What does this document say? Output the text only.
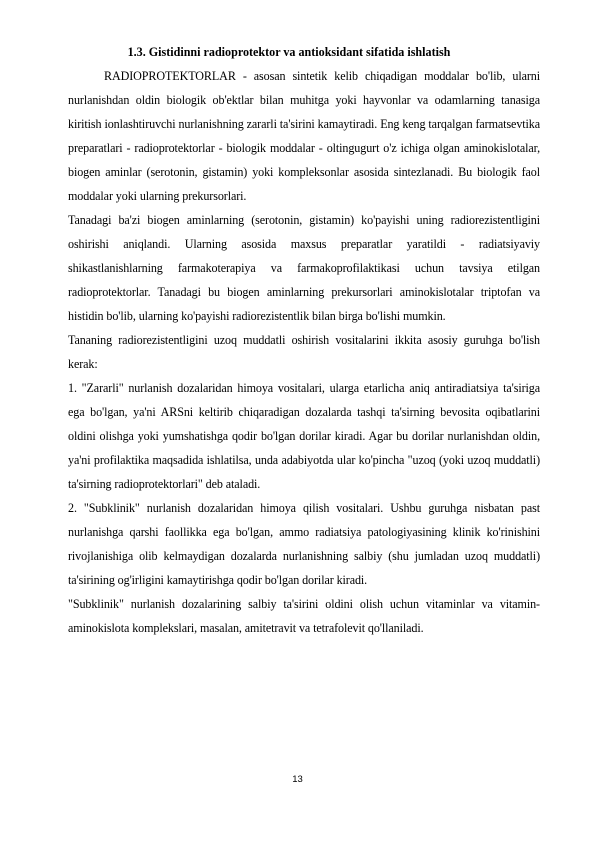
1.3. Gistidinni radioprotektor va antioksidant sifatida ishlatish

RADIOPROTEKTORLAR - asosan sintetik kelib chiqadigan moddalar bo'lib, ularni nurlanishdan oldin biologik ob'ektlar bilan muhitga yoki hayvonlar va odamlarning tanasiga kiritish ionlashtiruvchi nurlanishning zararli ta'sirini kamaytiradi. Eng keng tarqalgan farmatsevtika preparatlari - radioprotektorlar - biologik moddalar - oltingugurt o'z ichiga olgan aminokislotalar, biogen aminlar (serotonin, gistamin) yoki kompleksonlar asosida sintezlanadi. Bu biologik faol moddalar yoki ularning prekursorlari.

Tanadagi ba'zi biogen aminlarning (serotonin, gistamin) ko'payishi uning radiorezistentligini oshirishi aniqlandi. Ularning asosida maxsus preparatlar yaratildi - radiatsiyaviy shikastlanishlarning farmakoterapiya va farmakoprofilaktikasi uchun tavsiya etilgan radioprotektorlar. Tanadagi bu biogen aminlarning prekursorlari aminokislotalar triptofan va histidin bo'lib, ularning ko'payishi radiorezistentlik bilan birga bo'lishi mumkin.

Tananing radiorezistentligini uzoq muddatli oshirish vositalarini ikkita asosiy guruhga bo'lish kerak:

1. "Zararli" nurlanish dozalaridan himoya vositalari, ularga etarlicha aniq antiradiatsiya ta'siriga ega bo'lgan, ya'ni ARSni keltirib chiqaradigan dozalarda tashqi ta'sirning bevosita oqibatlarini oldini olishga yoki yumshatishga qodir bo'lgan dorilar kiradi. Agar bu dorilar nurlanishdan oldin, ya'ni profilaktika maqsadida ishlatilsa, unda adabiyotda ular ko'pincha "uzoq (yoki uzoq muddatli) ta'sirning radioprotektorlari" deb ataladi.

2. "Subklinik" nurlanish dozalaridan himoya qilish vositalari. Ushbu guruhga nisbatan past nurlanishga qarshi faollikka ega bo'lgan, ammo radiatsiya patologiyasining klinik ko'rinishini rivojlanishiga olib kelmaydigan dozalarda nurlanishning salbiy (shu jumladan uzoq muddatli) ta'sirining og'irligini kamaytirishga qodir bo'lgan dorilar kiradi.

"Subklinik" nurlanish dozalarining salbiy ta'sirini oldini olish uchun vitaminlar va vitamin-aminokislota komplekslari, masalan, amitetravit va tetrafolevit qo'llaniladi.

13
